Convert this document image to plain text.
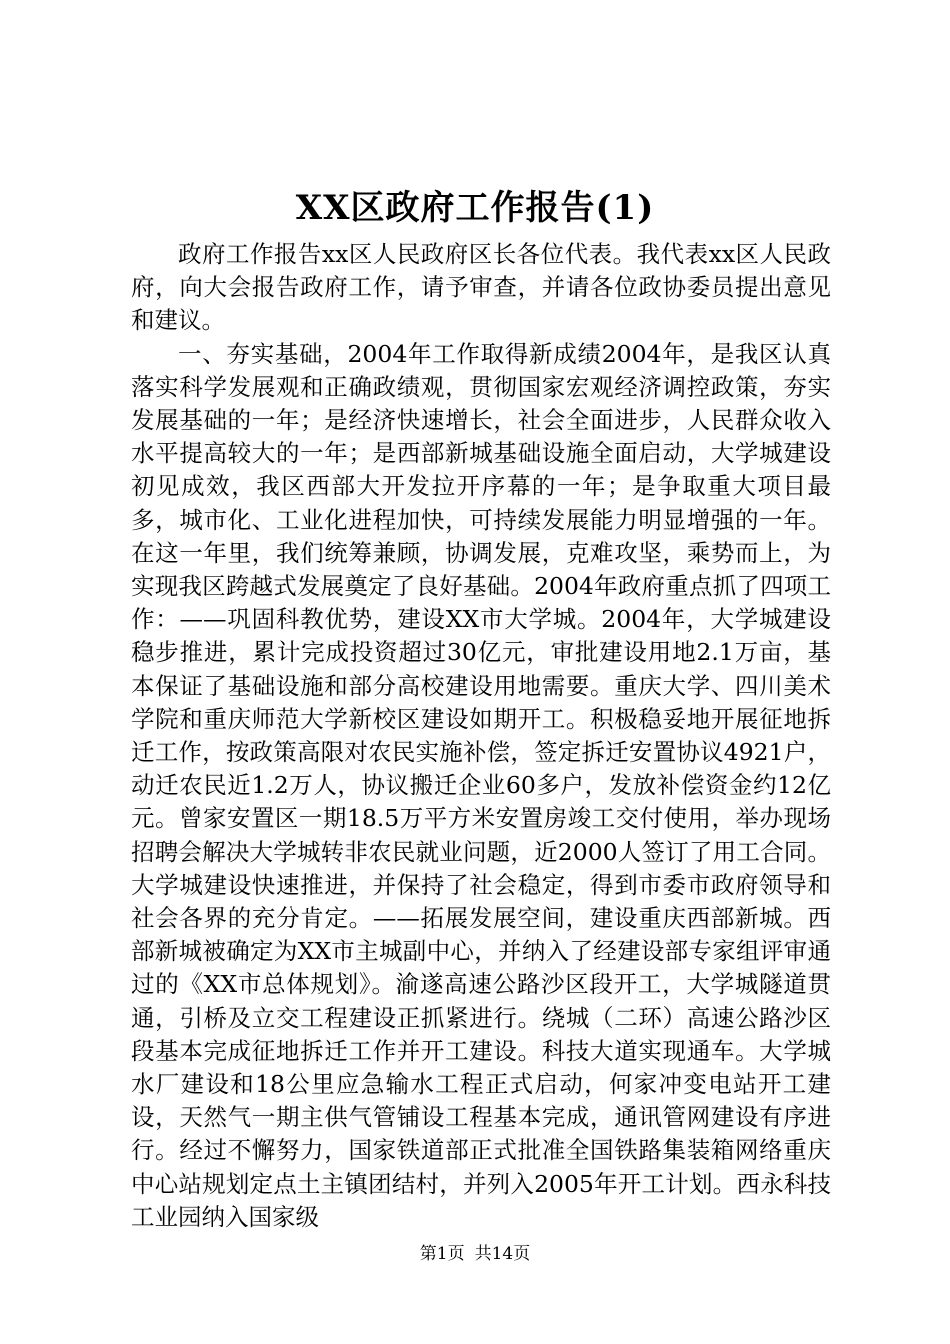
XX区政府工作报告(1)

政府工作报告xx区人民政府区长各位代表。我代表xx区人民政府，向大会报告政府工作，请予审查，并请各位政协委员提出意见和建议。

一、夯实基础，2004年工作取得新成绩2004年，是我区认真落实科学发展观和正确政绩观，贯彻国家宏观经济调控政策，夯实发展基础的一年；是经济快速增长，社会全面进步，人民群众收入水平提高较大的一年；是西部新城基础设施全面启动，大学城建设初见成效，我区西部大开发拉开序幕的一年；是争取重大项目最多，城市化、工业化进程加快，可持续发展能力明显增强的一年。在这一年里，我们统筹兼顾，协调发展，克难攻坚，乘势而上，为实现我区跨越式发展奠定了良好基础。2004年政府重点抓了四项工作：——巩固科教优势，建设XX市大学城。2004年，大学城建设稳步推进，累计完成投资超过30亿元，审批建设用地2.1万亩，基本保证了基础设施和部分高校建设用地需要。重庆大学、四川美术学院和重庆师范大学新校区建设如期开工。积极稳妥地开展征地拆迁工作，按政策高限对农民实施补偿，签定拆迁安置协议4921户，动迁农民近1.2万人，协议搬迁企业60多户，发放补偿资金约12亿元。曾家安置区一期18.5万平方米安置房竣工交付使用，举办现场招聘会解决大学城转非农民就业问题，近2000人签订了用工合同。大学城建设快速推进，并保持了社会稳定，得到市委市政府领导和社会各界的充分肯定。——拓展发展空间，建设重庆西部新城。西部新城被确定为XX市主城副中心，并纳入了经建设部专家组评审通过的《XX市总体规划》。渝遂高速公路沙区段开工，大学城隧道贯通，引桥及立交工程建设正抓紧进行。绕城（二环）高速公路沙区段基本完成征地拆迁工作并开工建设。科技大道实现通车。大学城水厂建设和18公里应急输水工程正式启动，何家冲变电站开工建设，天然气一期主供气管铺设工程基本完成，通讯管网建设有序进行。经过不懈努力，国家铁道部正式批准全国铁路集装箱网络重庆中心站规划定点土主镇团结村，并列入2005年开工计划。西永科技工业园纳入国家级

第1页 共14页
